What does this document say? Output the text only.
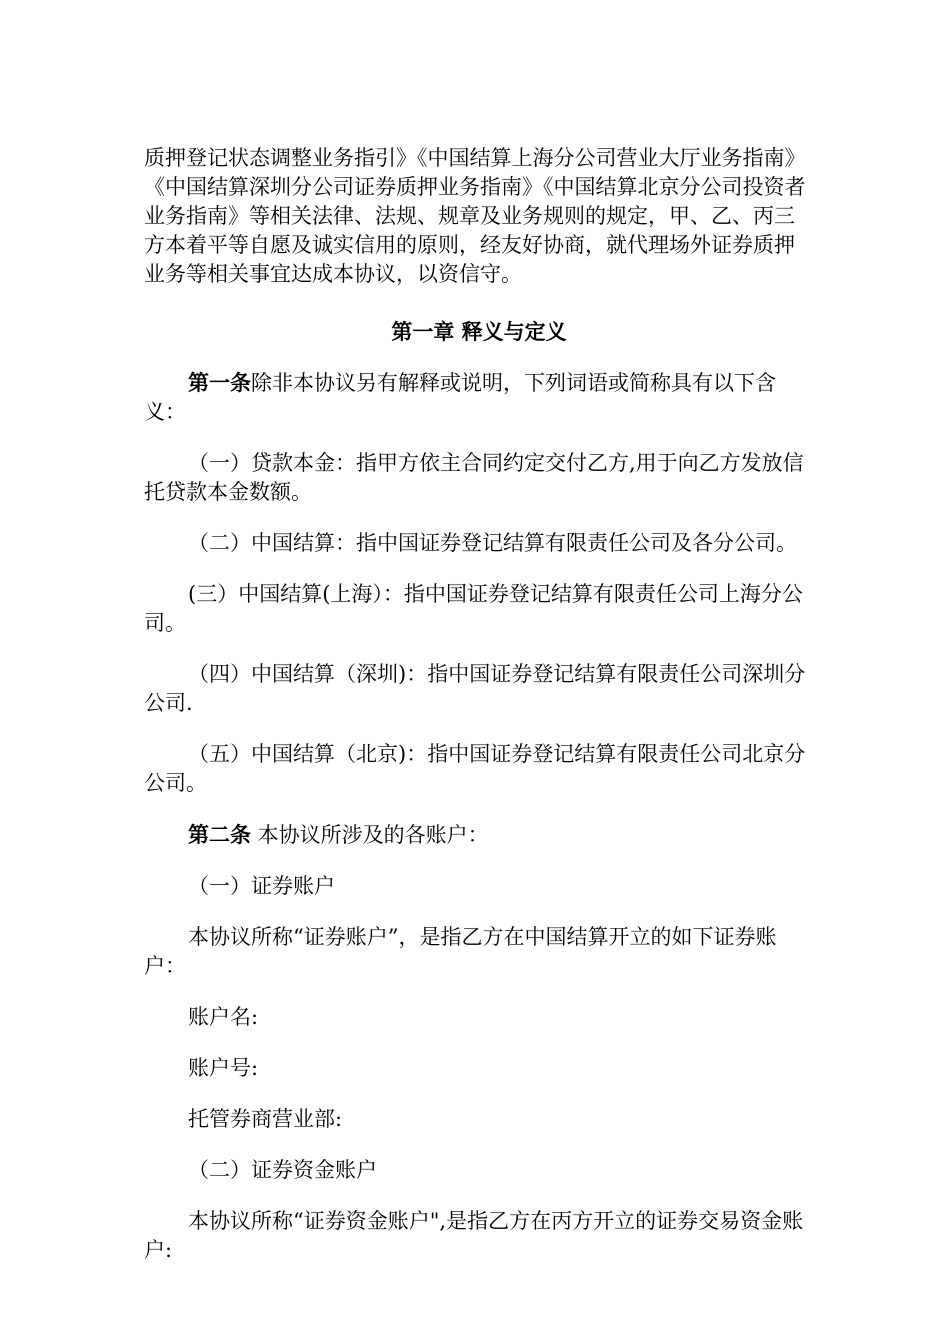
质押登记状态调整业务指引》《中国结算上海分公司营业大厅业务指南》《中国结算深圳分公司证券质押业务指南》《中国结算北京分公司投资者业务指南》等相关法律、法规、规章及业务规则的规定，甲、乙、丙三方本着平等自愿及诚实信用的原则，经友好协商，就代理场外证券质押业务等相关事宜达成本协议，以资信守。

第一章 释义与定义

第一条除非本协议另有解释或说明，下列词语或简称具有以下含义：

（一）贷款本金：指甲方依主合同约定交付乙方,用于向乙方发放信托贷款本金数额。

（二）中国结算：指中国证券登记结算有限责任公司及各分公司。

(三）中国结算(上海）：指中国证券登记结算有限责任公司上海分公司。

（四）中国结算（深圳)：指中国证券登记结算有限责任公司深圳分公司.

（五）中国结算（北京)：指中国证券登记结算有限责任公司北京分公司。

第二条 本协议所涉及的各账户：

（一）证券账户

本协议所称“证券账户”，是指乙方在中国结算开立的如下证券账户：

账户名:

账户号:

托管券商营业部:

（二）证券资金账户

本协议所称“证券资金账户",是指乙方在丙方开立的证券交易资金账户:
